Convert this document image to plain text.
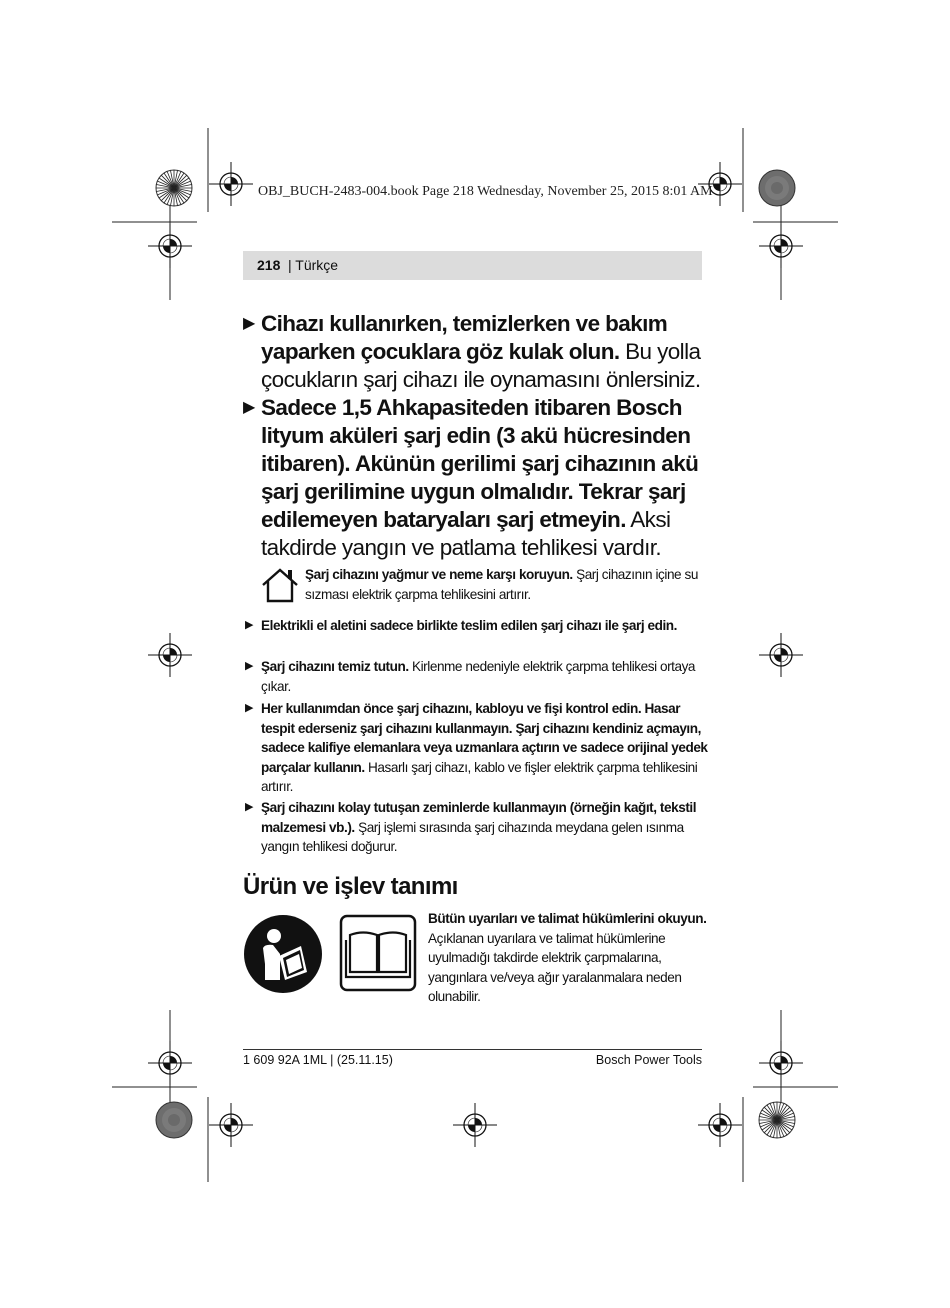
OBJ_BUCH-2483-004.book Page 218 Wednesday, November 25, 2015 8:01 AM
218 | Türkçe
▶ Cihazı kullanırken, temizlerken ve bakım yaparken çocuklara göz kulak olun. Bu yolla çocukların şarj cihazı ile oynamasını önlersiniz.
▶ Sadece 1,5 Ahkapasiteden itibaren Bosch lityum aküleri şarj edin (3 akü hücresinden itibaren). Akünün gerilimi şarj cihazının akü şarj gerilimine uygun olmalıdır. Tekrar şarj edilemeyen bataryaları şarj etmeyin. Aksi takdirde yangın ve patlama tehlikesi vardır.
Şarj cihazını yağmur ve neme karşı koruyun. Şarj cihazının içine su sızması elektrik çarpma tehlikesini artırır.
▶ Elektrikli el aletini sadece birlikte teslim edilen şarj cihazı ile şarj edin.
▶ Şarj cihazını temiz tutun. Kirlenme nedeniyle elektrik çarpma tehlikesi ortaya çıkar.
▶ Her kullanımdan önce şarj cihazını, kabloyu ve fişi kontrol edin. Hasar tespit ederseniz şarj cihazını kullanmayın. Şarj cihazını kendiniz açmayın, sadece kalifiye elemanlara veya uzmanlara açtırın ve sadece orijinal yedek parçalar kullanın. Hasarlı şarj cihazı, kablo ve fişler elektrik çarpma tehlikesini artırır.
▶ Şarj cihazını kolay tutuşan zeminlerde kullanmayın (örneğin kağıt, tekstil malzemesi vb.). Şarj işlemi sırasında şarj cihazında meydana gelen ısınma yangın tehlikesi doğurur.
Ürün ve işlev tanımı
Bütün uyarıları ve talimat hükümlerini okuyun. Açıklanan uyarılara ve talimat hükümlerine uyulmadığı takdirde elektrik çarpmalarına, yangınlara ve/veya ağır yaralanmalara neden olunabilir.
1 609 92A 1ML | (25.11.15)	Bosch Power Tools
